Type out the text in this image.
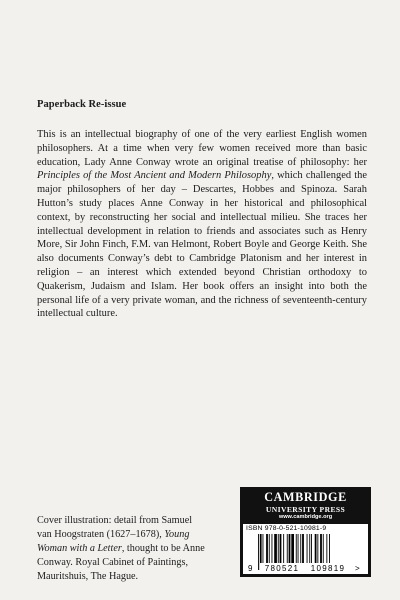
Paperback Re-issue

This is an intellectual biography of one of the very earliest English women philosophers. At a time when very few women received more than basic education, Lady Anne Conway wrote an original treatise of philosophy: her Principles of the Most Ancient and Modern Philosophy, which challenged the major philosophers of her day – Descartes, Hobbes and Spinoza. Sarah Hutton’s study places Anne Conway in her historical and philosophical context, by reconstructing her social and intellectual milieu. She traces her intellectual development in relation to friends and associates such as Henry More, Sir John Finch, F.M. van Helmont, Robert Boyle and George Keith. She also documents Conway’s debt to Cambridge Platonism and her interest in religion – an interest which extended beyond Christian orthodoxy to Quakerism, Judaism and Islam. Her book offers an insight into both the personal life of a very private woman, and the richness of seventeenth-century intellectual culture.

Cover illustration: detail from Samuel van Hoogstraten (1627–1678), Young Woman with a Letter, thought to be Anne Conway. Royal Cabinet of Paintings, Mauritshuis, The Hague.
CAMBRIDGE
UNIVERSITY PRESS
www.cambridge.org
ISBN 978-0-521-10981-9
9 780521 109819 >
